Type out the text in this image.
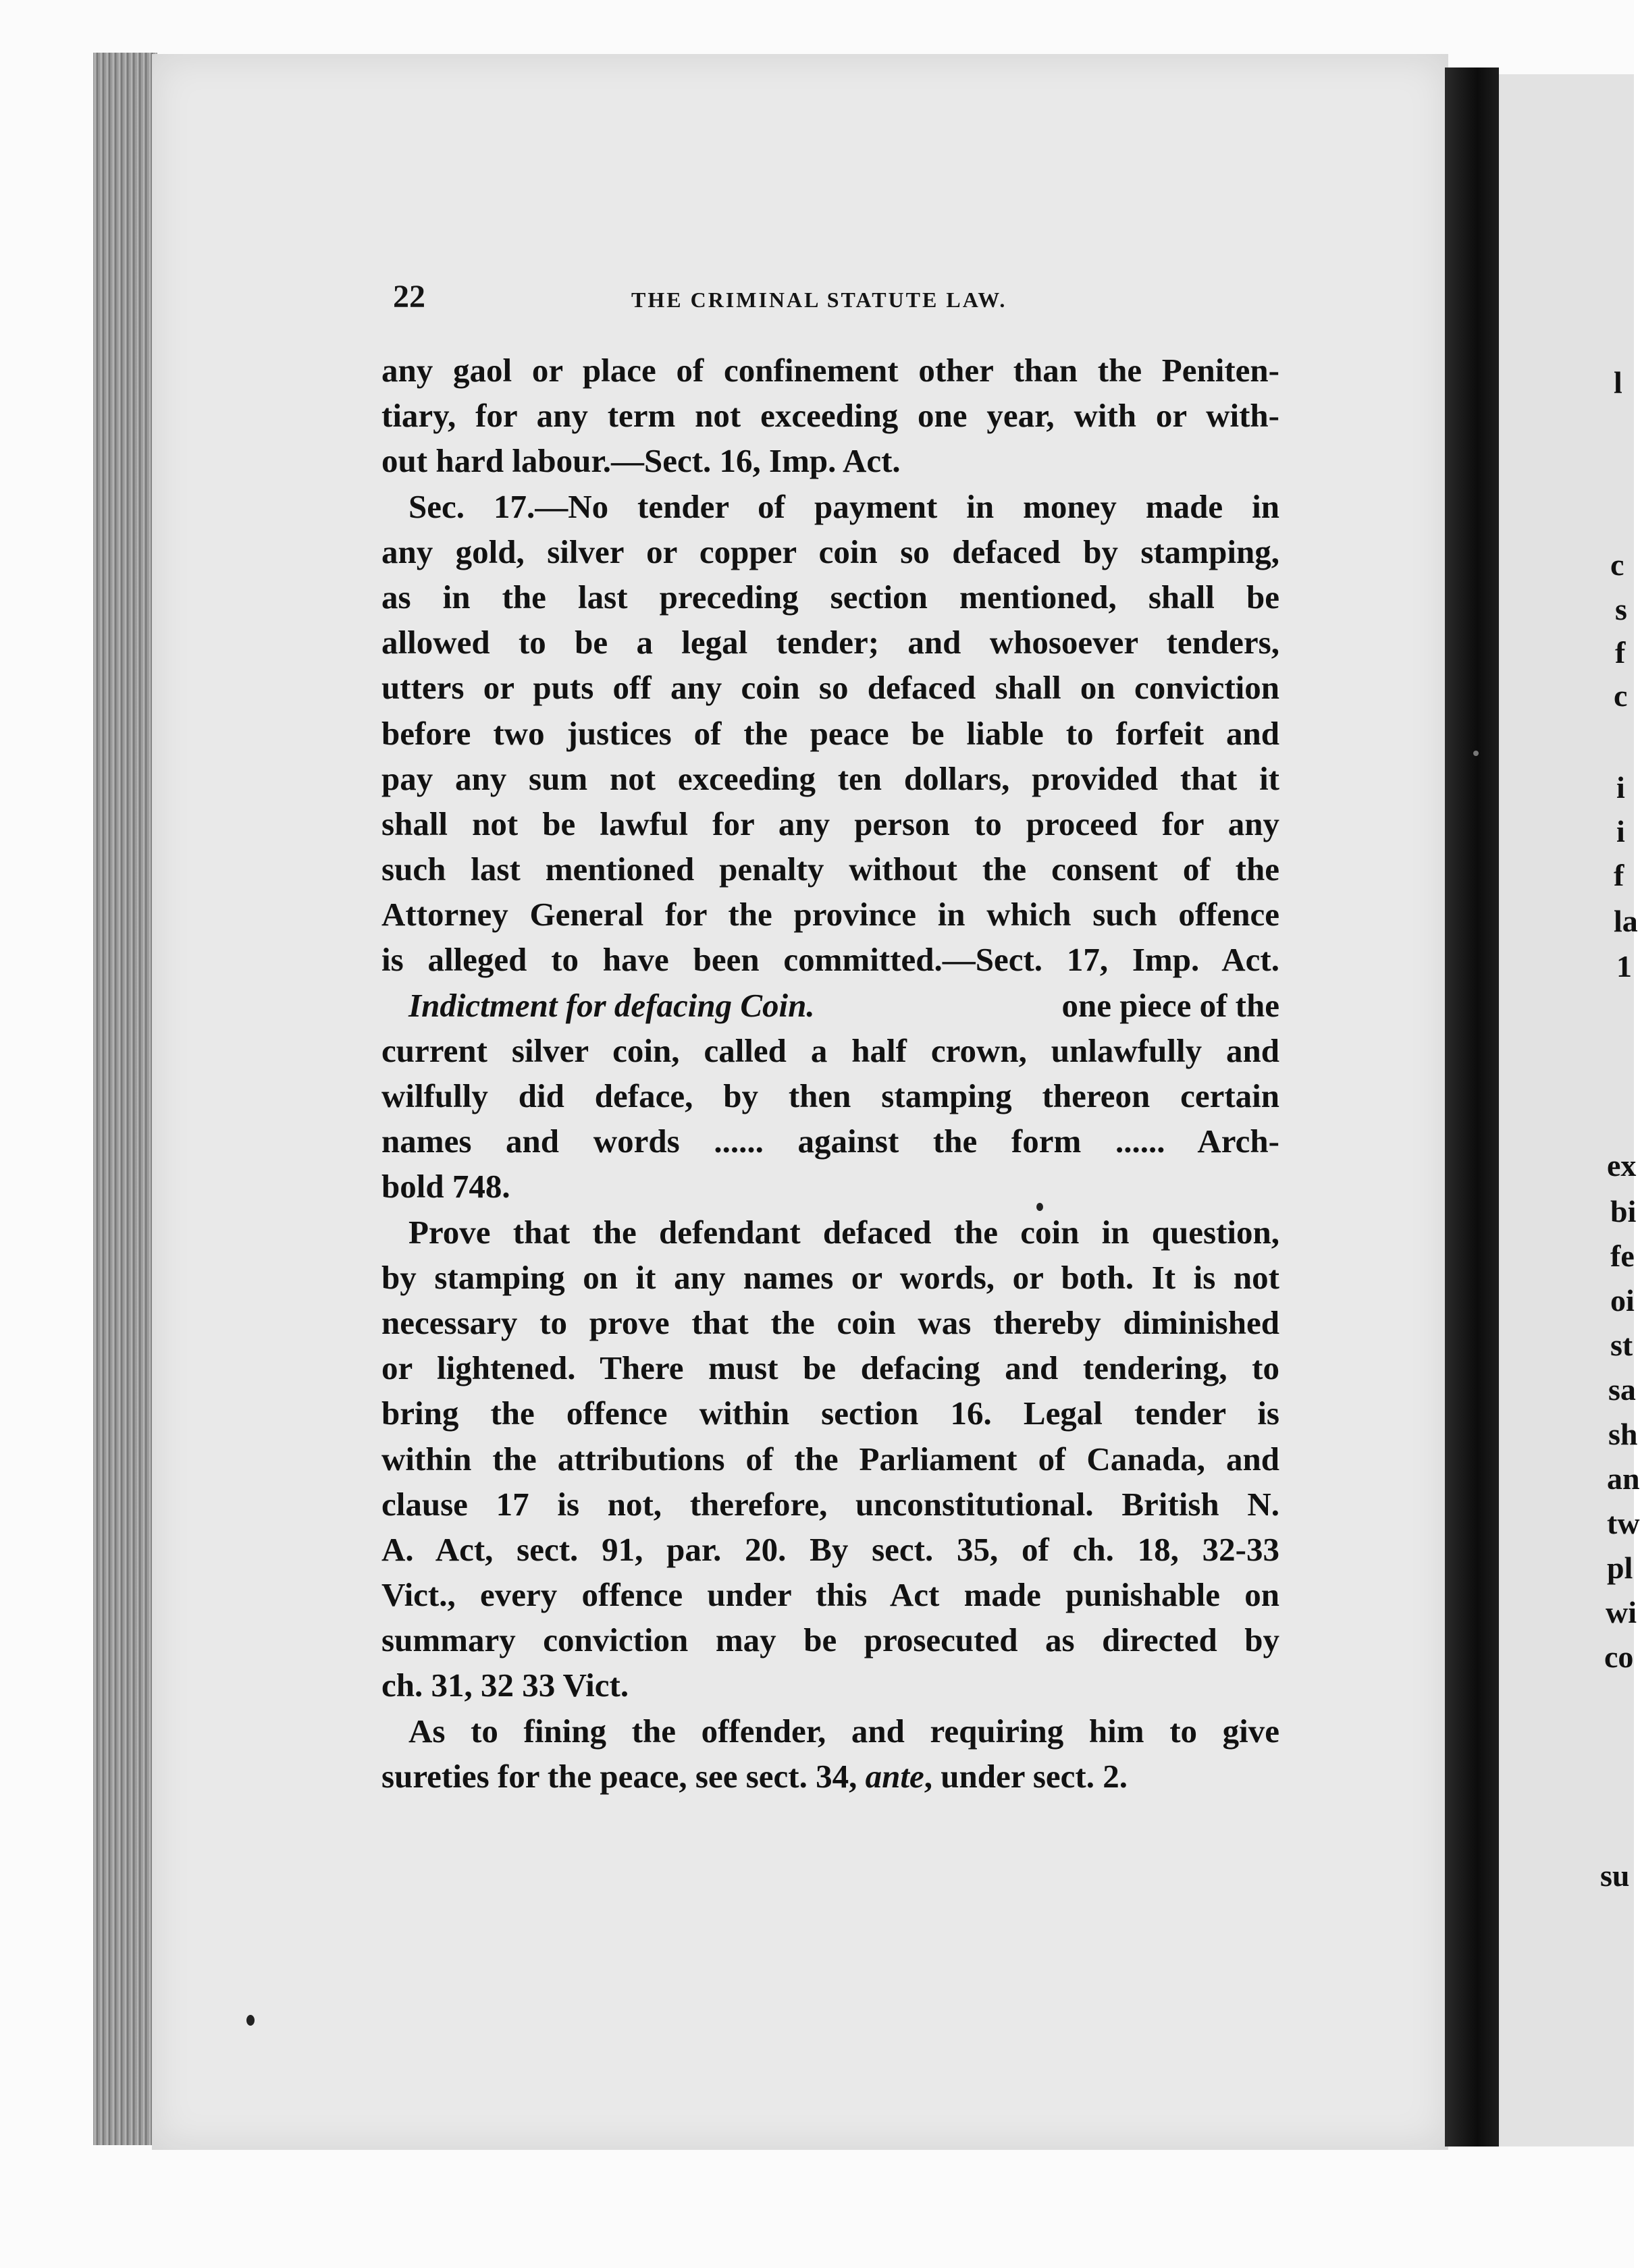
l
c
s
f
c
i
i
f
la
1
ex
bi
fe
oi
st
sa
sh
an
tw
pl
wi
co
su
22	THE CRIMINAL STATUTE LAW.
any gaol or place of confinement other than the Peniten-
tiary, for any term not exceeding one year, with or with-
out hard labour.—Sect. 16, Imp. Act.
Sec. 17.—No tender of payment in money made in
any gold, silver or copper coin so defaced by stamping,
as in the last preceding section mentioned, shall be
allowed to be a legal tender; and whosoever tenders,
utters or puts off any coin so defaced shall on conviction
before two justices of the peace be liable to forfeit and
pay any sum not exceeding ten dollars, provided that it
shall not be lawful for any person to proceed for any
such last mentioned penalty without the consent of the
Attorney General for the province in which such offence
is alleged to have been committed.—Sect. 17, Imp. Act.
Indictment for defacing Coin.	one piece of the
current silver coin, called a half crown, unlawfully and
wilfully did deface, by then stamping thereon certain
names and words ...... against the form ...... Arch-
bold 748.
Prove that the defendant defaced the coin in question,
by stamping on it any names or words, or both. It is not
necessary to prove that the coin was thereby diminished
or lightened. There must be defacing and tendering, to
bring the offence within section 16. Legal tender is
within the attributions of the Parliament of Canada, and
clause 17 is not, therefore, unconstitutional. British N.
A. Act, sect. 91, par. 20. By sect. 35, of ch. 18, 32-33
Vict., every offence under this Act made punishable on
summary conviction may be prosecuted as directed by
ch. 31, 32 33 Vict.
As to fining the offender, and requiring him to give
sureties for the peace, see sect. 34, ante, under sect. 2.
